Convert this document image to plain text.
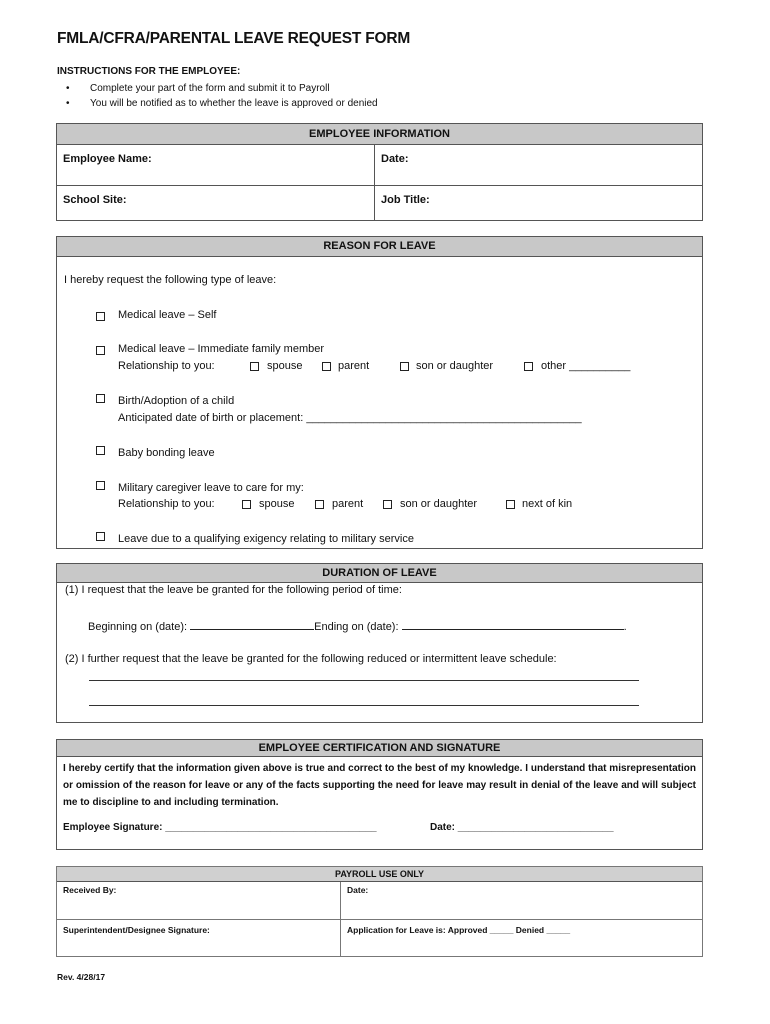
FMLA/CFRA/PARENTAL LEAVE REQUEST FORM
INSTRUCTIONS FOR THE EMPLOYEE:
• Complete your part of the form and submit it to Payroll
• You will be notified as to whether the leave is approved or denied
EMPLOYEE INFORMATION
Employee Name:	Date:
School Site:	Job Title:
REASON FOR LEAVE
I hereby request the following type of leave:
Medical leave – Self
Medical leave – Immediate family member
Relationship to you:	spouse	parent	son or daughter	other __________
Birth/Adoption of a child
Anticipated date of birth or placement: _____________________________________________
Baby bonding leave
Military caregiver leave to care for my:
Relationship to you:	spouse	parent	son or daughter	next of kin
Leave due to a qualifying exigency relating to military service
DURATION OF LEAVE
(1) I request that the leave be granted for the following period of time:
Beginning on (date):	Ending on (date):	.
(2) I further request that the leave be granted for the following reduced or intermittent leave schedule:
EMPLOYEE CERTIFICATION AND SIGNATURE
I hereby certify that the information given above is true and correct to the best of my knowledge. I understand that misrepresentation or omission of the reason for leave or any of the facts supporting the need for leave may result in denial of the leave and will subject me to discipline to and including termination.
Employee Signature: ______________________________________	Date: ____________________________
PAYROLL USE ONLY
Received By:	Date:
Superintendent/Designee Signature:	Application for Leave is: Approved _____ Denied _____
Rev. 4/28/17
